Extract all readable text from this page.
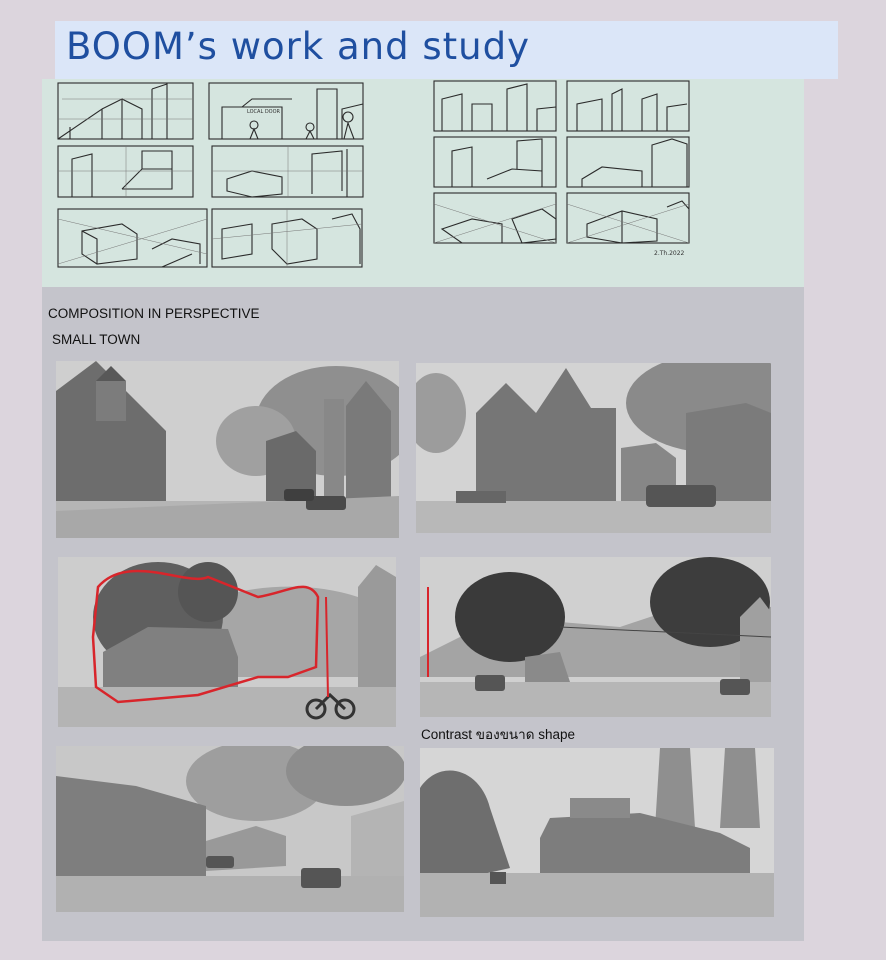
BOOM’s work and study
2.Th.2022
LOCAL DOOR
COMPOSITION IN PERSPECTIVE
SMALL TOWN
Contrast ของขนาด shape
